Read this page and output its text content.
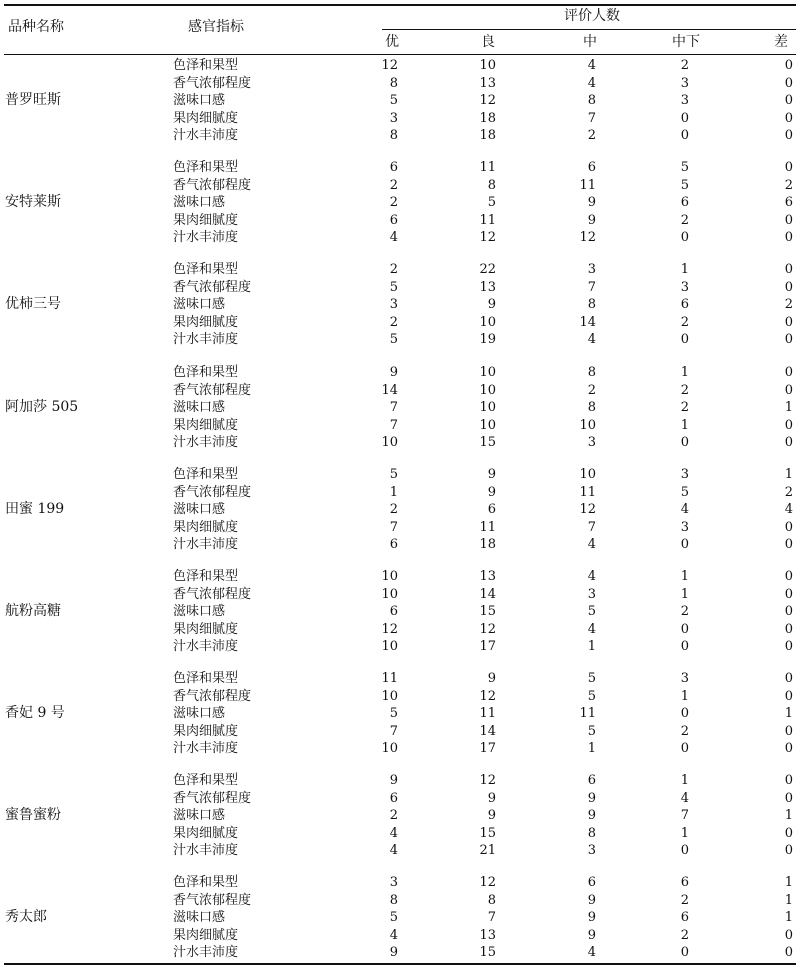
品种名称	感官指标
评价人数
优	良	中	中下	差
普罗旺斯
色泽和果型	12	10	4	2	0
香气浓郁程度	8	13	4	3	0
滋味口感	5	12	8	3	0
果肉细腻度	3	18	7	0	0
汁水丰沛度	8	18	2	0	0
安特莱斯
色泽和果型	6	11	6	5	0
香气浓郁程度	2	8	11	5	2
滋味口感	2	5	9	6	6
果肉细腻度	6	11	9	2	0
汁水丰沛度	4	12	12	0	0
优柿三号
色泽和果型	2	22	3	1	0
香气浓郁程度	5	13	7	3	0
滋味口感	3	9	8	6	2
果肉细腻度	2	10	14	2	0
汁水丰沛度	5	19	4	0	0
阿加莎 505
色泽和果型	9	10	8	1	0
香气浓郁程度	14	10	2	2	0
滋味口感	7	10	8	2	1
果肉细腻度	7	10	10	1	0
汁水丰沛度	10	15	3	0	0
田蜜 199
色泽和果型	5	9	10	3	1
香气浓郁程度	1	9	11	5	2
滋味口感	2	6	12	4	4
果肉细腻度	7	11	7	3	0
汁水丰沛度	6	18	4	0	0
航粉高糖
色泽和果型	10	13	4	1	0
香气浓郁程度	10	14	3	1	0
滋味口感	6	15	5	2	0
果肉细腻度	12	12	4	0	0
汁水丰沛度	10	17	1	0	0
香妃 9 号
色泽和果型	11	9	5	3	0
香气浓郁程度	10	12	5	1	0
滋味口感	5	11	11	0	1
果肉细腻度	7	14	5	2	0
汁水丰沛度	10	17	1	0	0
蜜鲁蜜粉
色泽和果型	9	12	6	1	0
香气浓郁程度	6	9	9	4	0
滋味口感	2	9	9	7	1
果肉细腻度	4	15	8	1	0
汁水丰沛度	4	21	3	0	0
秀太郎
色泽和果型	3	12	6	6	1
香气浓郁程度	8	8	9	2	1
滋味口感	5	7	9	6	1
果肉细腻度	4	13	9	2	0
汁水丰沛度	9	15	4	0	0
